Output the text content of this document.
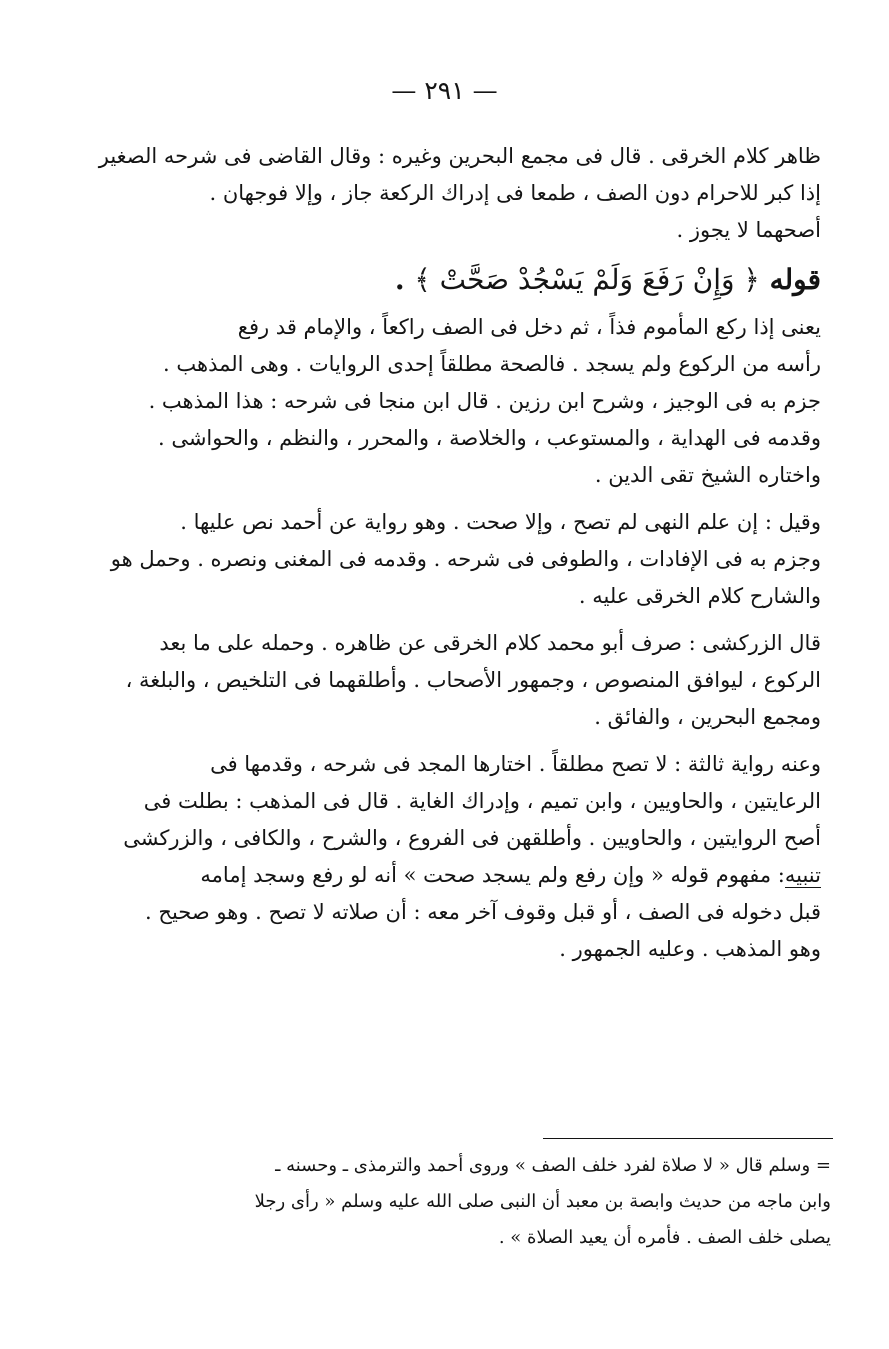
— ٢٩١ —
ظاهر كلام الخرقى . قال فى مجمع البحرين وغيره : وقال القاضى فى شرحه الصغير
إذا كبر للاحرام دون الصف ، طمعا فى إدراك الركعة جاز ، وإلا فوجهان .
أصحهما لا يجوز .
قوله ﴿ وَإِنْ رَفَعَ وَلَمْ يَسْجُدْ صَحَّتْ ﴾ .
يعنى إذا ركع المأموم فذاً ، ثم دخل فى الصف راكعاً ، والإمام قد رفع
رأسه من الركوع ولم يسجد . فالصحة مطلقاً إحدى الروايات . وهى المذهب .
جزم به فى الوجيز ، وشرح ابن رزين . قال ابن منجا فى شرحه : هذا المذهب .
وقدمه فى الهداية ، والمستوعب ، والخلاصة ، والمحرر ، والنظم ، والحواشى .
واختاره الشيخ تقى الدين .
وقيل : إن علم النهى لم تصح ، وإلا صحت . وهو رواية عن أحمد نص عليها .
وجزم به فى الإفادات ، والطوفى فى شرحه . وقدمه فى المغنى ونصره . وحمل هو
والشارح كلام الخرقى عليه .
قال الزركشى : صرف أبو محمد كلام الخرقى عن ظاهره . وحمله على ما بعد
الركوع ، ليوافق المنصوص ، وجمهور الأصحاب . وأطلقهما فى التلخيص ، والبلغة ،
ومجمع البحرين ، والفائق .
وعنه رواية ثالثة : لا تصح مطلقاً . اختارها المجد فى شرحه ، وقدمها فى
الرعايتين ، والحاويين ، وابن تميم ، وإدراك الغاية . قال فى المذهب : بطلت فى
أصح الروايتين ، والحاويين . وأطلقهن فى الفروع ، والشرح ، والكافى ، والزركشى
تنبيه: مفهوم قوله « وإن رفع ولم يسجد صحت » أنه لو رفع وسجد إمامه
قبل دخوله فى الصف ، أو قبل وقوف آخر معه : أن صلاته لا تصح . وهو صحيح .
وهو المذهب . وعليه الجمهور .
= وسلم قال « لا صلاة لفرد خلف الصف » وروى أحمد والترمذى ـ وحسنه ـ
وابن ماجه من حديث وابصة بن معبد أن النبى صلى الله عليه وسلم « رأى رجلا
يصلى خلف الصف . فأمره أن يعيد الصلاة » .
